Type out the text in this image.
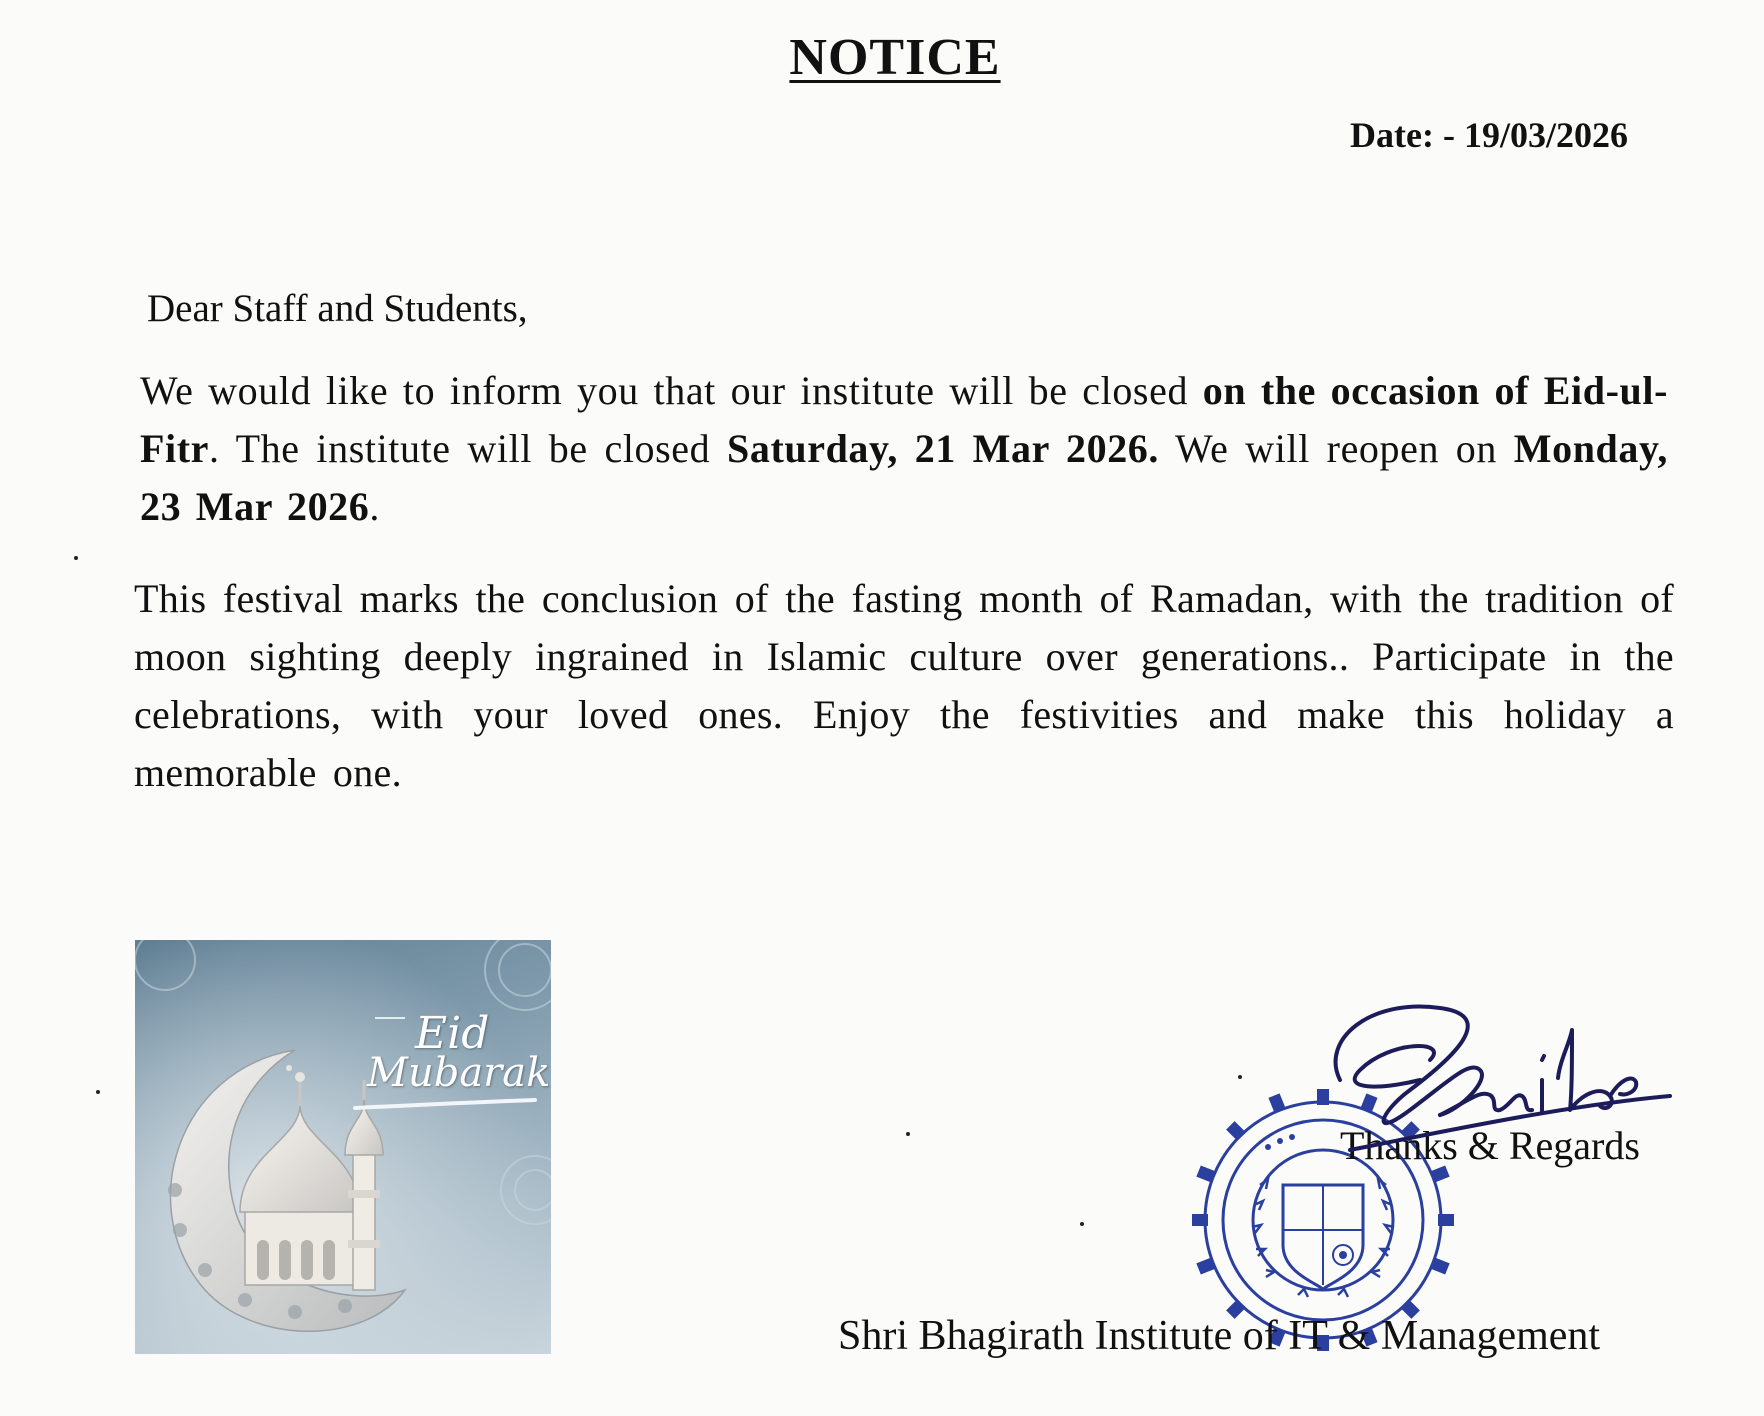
NOTICE
Date: - 19/03/2026
Dear Staff and Students,
We would like to inform you that our institute will be closed on the occasion of Eid-ul-Fitr. The institute will be closed Saturday, 21 Mar 2026. We will reopen on Monday, 23 Mar 2026.
This festival marks the conclusion of the fasting month of Ramadan, with the tradition of moon sighting deeply ingrained in Islamic culture over generations.. Participate in the celebrations, with your loved ones. Enjoy the festivities and make this holiday a memorable one.
Eid
Mubarak
Thanks & Regards
Shri Bhagirath Institute of IT & Management
